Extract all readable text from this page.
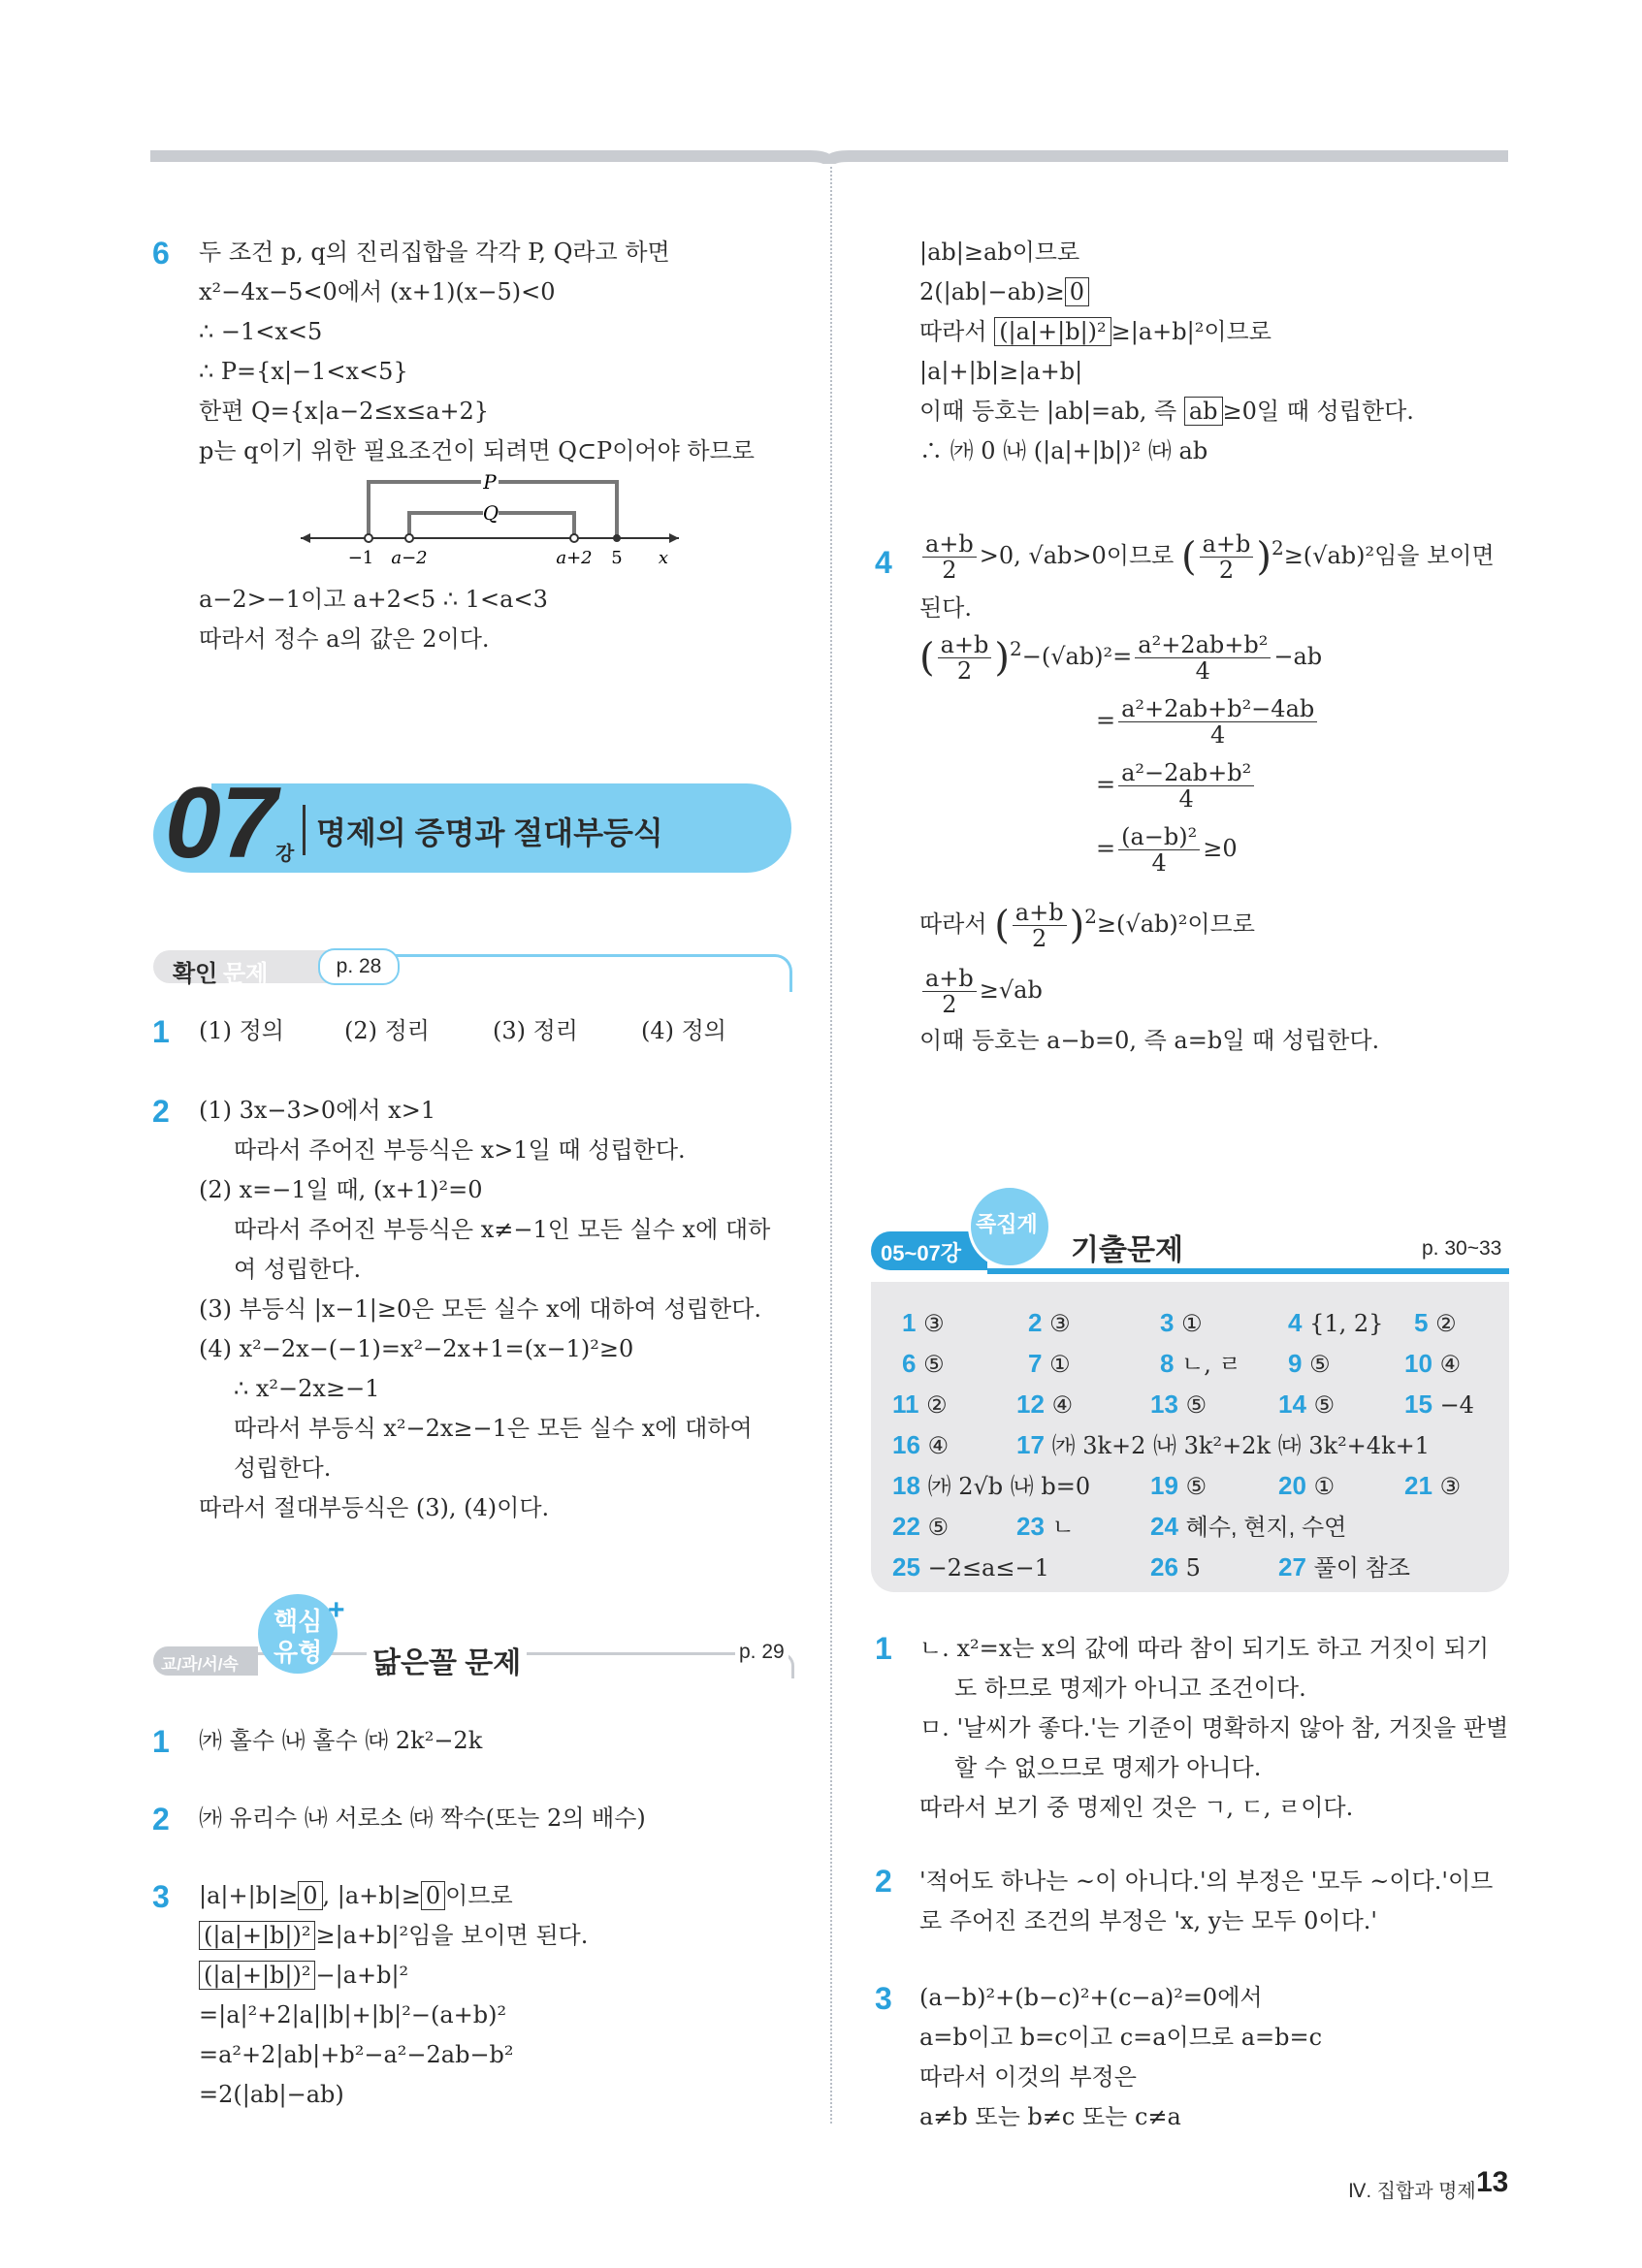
6 두 조건 p, q의 진리집합을 각각 P, Q라고 하면

x²−4x−5<0에서 (x+1)(x−5)<0

∴ −1<x<5

∴ P={x|−1<x<5}

한편 Q={x|a−2≤x≤a+2}

p는 q이기 위한 필요조건이 되려면 Q⊂P이어야 하므로

P
Q
−1 a−2	a+2 5 x

a−2>−1이고 a+2<5 ∴ 1<a<3

따라서 정수 a의 값은 2이다.

07
강
명제의 증명과 절대부등식
확인 문제	p. 28
1 (1) 정의	(2) 정리	(3) 정리	(4) 정의
2 (1) 3x−3>0에서 x>1

따라서 주어진 부등식은 x>1일 때 성립한다.

(2) x=−1일 때, (x+1)²=0

따라서 주어진 부등식은 x≠−1인 모든 실수 x에 대하

여 성립한다.

(3) 부등식 |x−1|≥0은 모든 실수 x에 대하여 성립한다.

(4) x²−2x−(−1)=x²−2x+1=(x−1)²≥0

∴ x²−2x≥−1

따라서 부등식 x²−2x≥−1은 모든 실수 x에 대하여

성립한다.

따라서 절대부등식은 (3), (4)이다.

교/과/서/속
핵심
유형
+
닮은꼴 문제	p. 29
1 ㈎ 홀수 ㈏ 홀수 ㈐ 2k²−2k

2 ㈎ 유리수 ㈏ 서로소 ㈐ 짝수(또는 2의 배수)

3 |a|+|b|≥ 0 , |a+b|≥ 0 이므로

(|a|+|b|)² ≥|a+b|²임을 보이면 된다.

(|a|+|b|)² −|a+b|²

=|a|²+2|a||b|+|b|²−(a+b)²

=a²+2|ab|+b²−a²−2ab−b²

=2(|ab|−ab)

|ab|≥ab이므로

2(|ab|−ab)≥ 0

따라서 (|a|+|b|)² ≥|a+b|²이므로

|a|+|b|≥|a+b|

이때 등호는 |ab|=ab, 즉 ab ≥0일 때 성립한다.

∴ ㈎ 0 ㈏ (|a|+|b|)² ㈐ ab

$4 \frac{a+b}{2} >0$, √ab>0이므로 ( $\frac{a+b}{2} )^2\ge(√ab)^2$임을 보이면
된다.
( $\frac{a+b}{2} )^2-(√ab)^2= \frac{\text{a²+2ab+b²}}{4} -ab$
= $\frac{\text{a²+2ab+b²−4ab}}{4}$
= $\frac{\text{a²−2ab+b²}}{4}$
= $\frac{\text{(a−b)²}}{4} \ge 0$
따라서 ( $\frac{a+b}{2} )^2\ge(√ab)^2$이므로
$\frac{a+b}{2} \ge√ab$
이때 등호는 a−b=0, 즉 a=b일 때 성립한다.
05~07강
족집게
기출문제	p. 30~33
1 ③	2 ③	3 ①	4 {1, 2} 5 ②
6 ⑤	7 ①	8 ㄴ, ㄹ 9 ⑤	10 ④
11 ②	12 ④	13 ⑤	14 ⑤	15 −4
16 ④	17 ㈎ 3k+2 ㈏ 3k²+2k ㈐ 3k²+4k+1
18 ㈎ 2√b ㈏ b=0 19 ⑤	20 ①	21 ③
22 ⑤	23 ㄴ	24 혜수, 현지, 수연
25 −2≤a≤−1	26 5	27 풀이 참조
1 ㄴ. x²=x는 x의 값에 따라 참이 되기도 하고 거짓이 되기

도 하므로 명제가 아니고 조건이다.

ㅁ. '날씨가 좋다.'는 기준이 명확하지 않아 참, 거짓을 판별

할 수 없으므로 명제가 아니다.

따라서 보기 중 명제인 것은 ㄱ, ㄷ, ㄹ이다.

2 '적어도 하나는 ~이 아니다.'의 부정은 '모두 ~이다.'이므

로 주어진 조건의 부정은 'x, y는 모두 0이다.'

3 (a−b)²+(b−c)²+(c−a)²=0에서

a=b이고 b=c이고 c=a이므로 a=b=c

따라서 이것의 부정은

a≠b 또는 b≠c 또는 c≠a

Ⅳ. 집합과 명제 13
